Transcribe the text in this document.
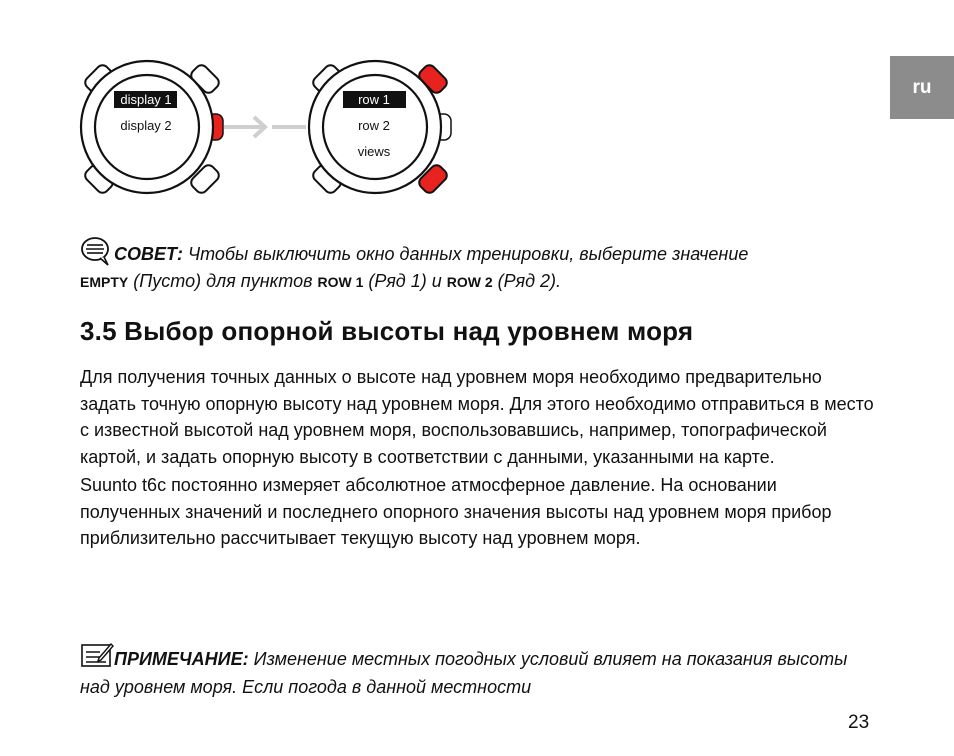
ru
display 1
display 2
row 1
row 2
views
СОВЕТ: Чтобы выключить окно данных тренировки, выберите значение
EMPTY (Пусто) для пунктов ROW 1 (Ряд 1) и ROW 2 (Ряд 2).
3.5 Выбор опорной высоты над уровнем моря

Для получения точных данных о высоте над уровнем моря необходимо предварительно задать точную опорную высоту над уровнем моря. Для этого необходимо отправиться в место с известной высотой над уровнем моря, воспользовавшись, например, топографической картой, и задать опорную высоту в соответствии с данными, указанными на карте.

Suunto t6c постоянно измеряет абсолютное атмосферное давление. На основании полученных значений и последнего опорного значения высоты над уровнем моря прибор приблизительно рассчитывает текущую высоту над уровнем моря.

ПРИМЕЧАНИЕ: Изменение местных погодных условий влияет на показания высоты над уровнем моря. Если погода в данной местности
23
